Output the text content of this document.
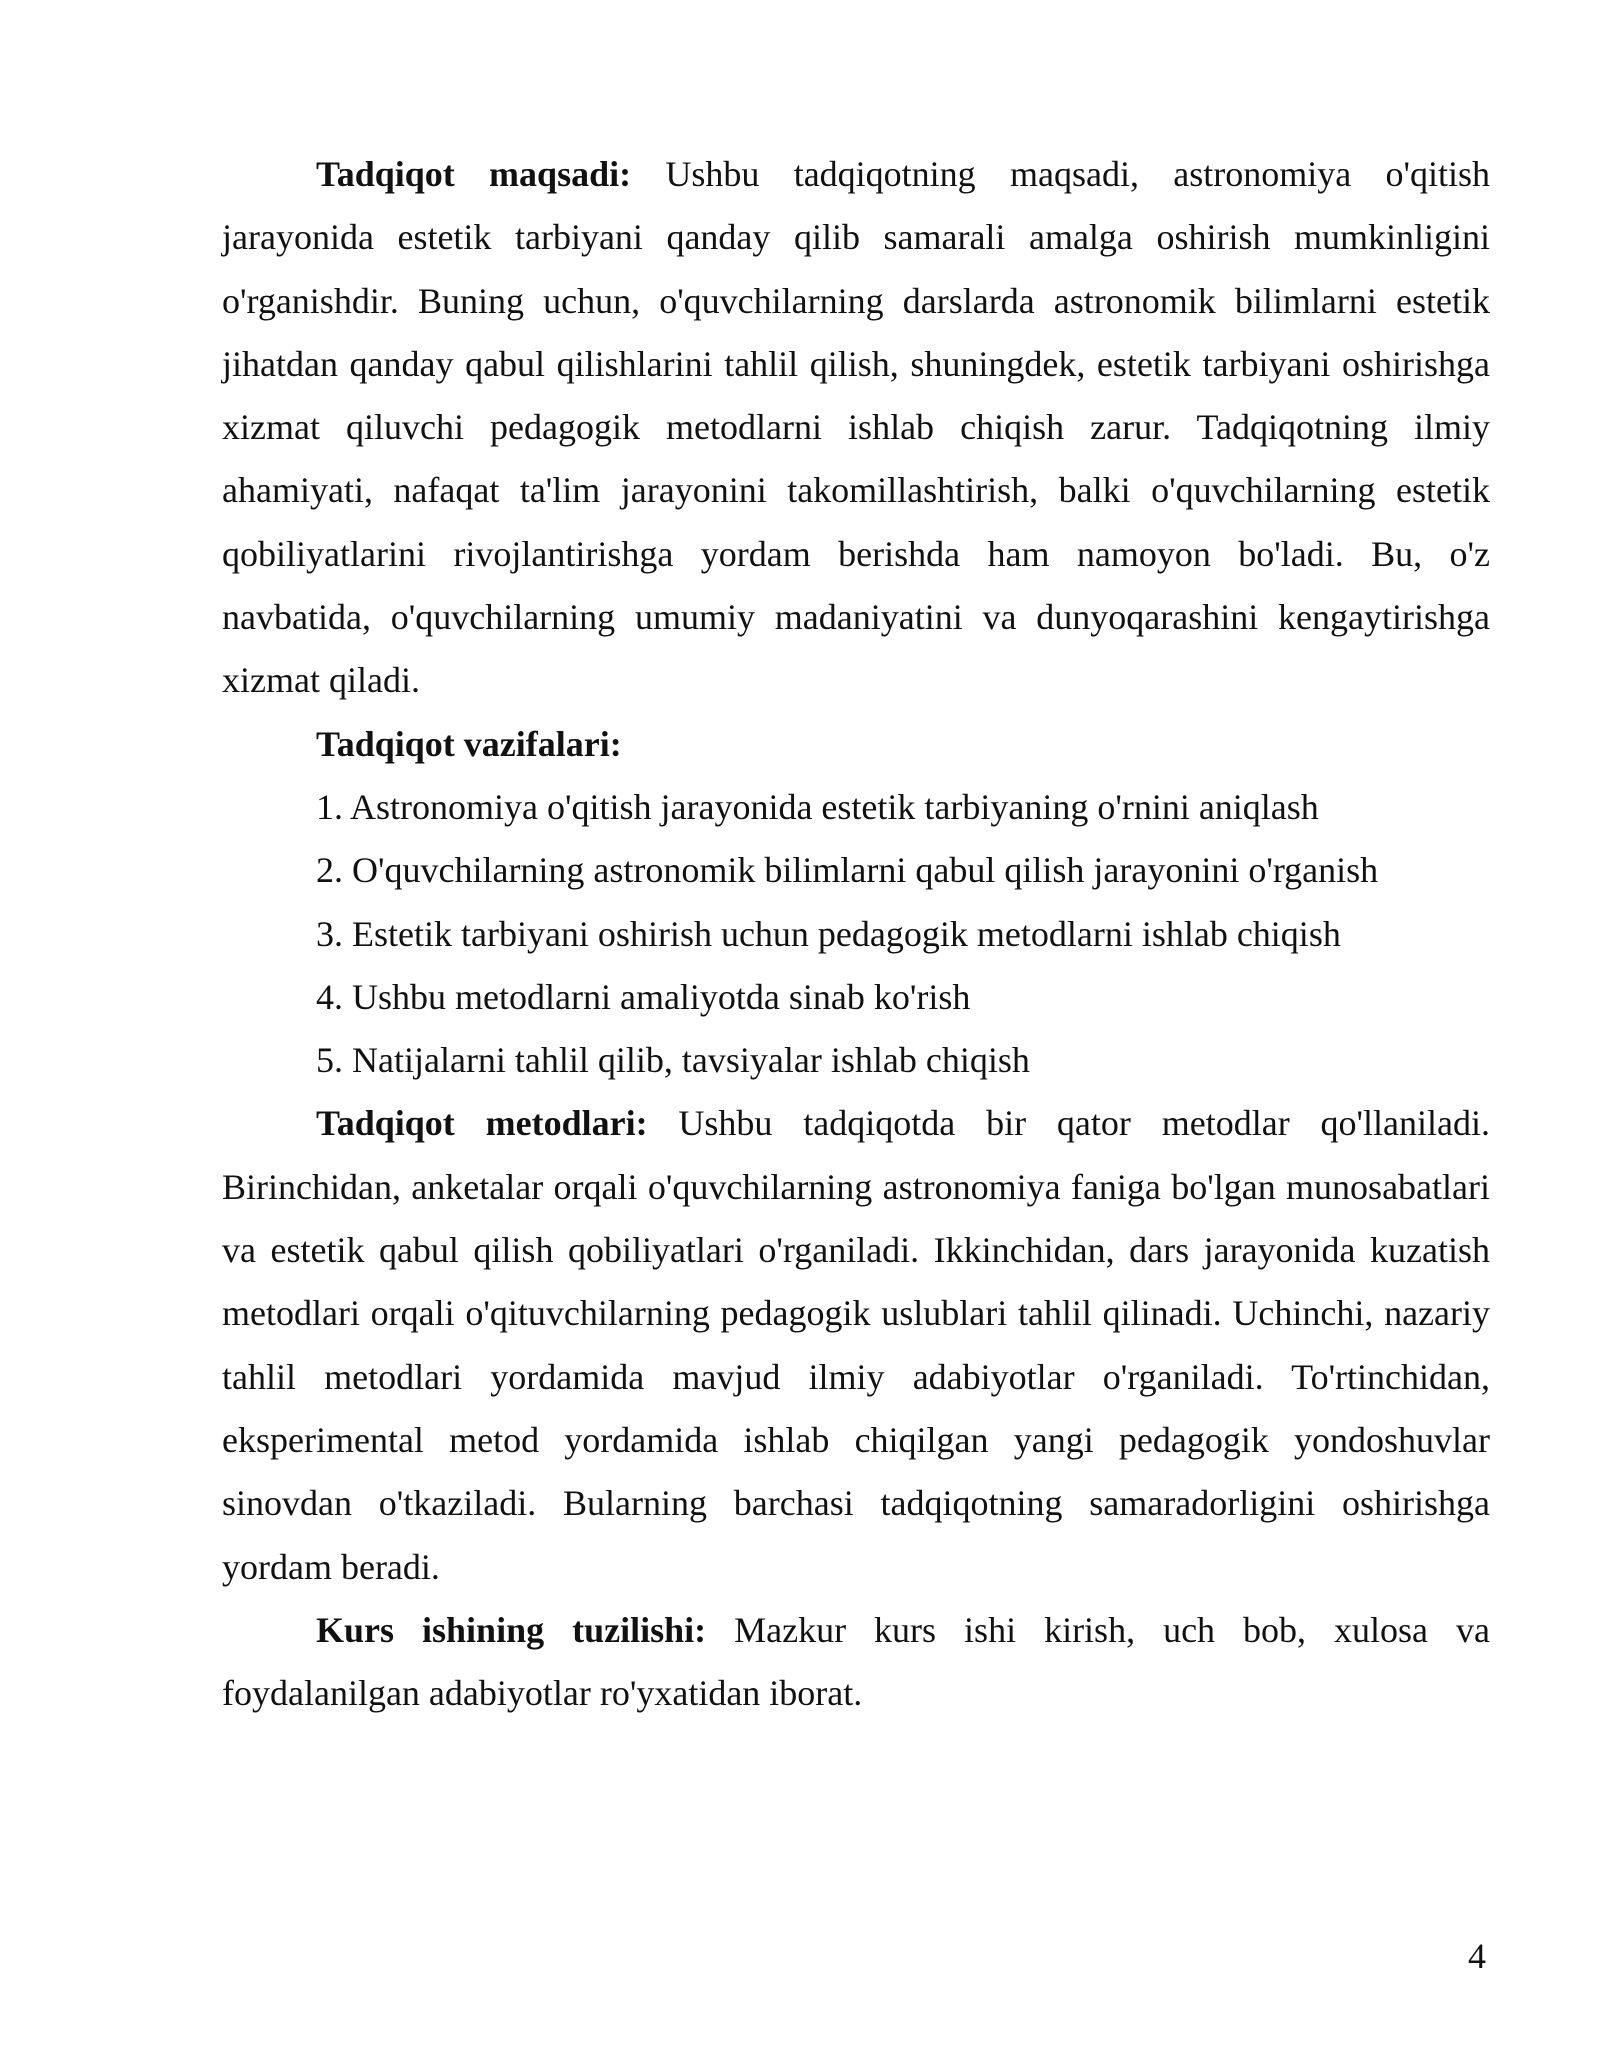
Tadqiqot maqsadi: Ushbu tadqiqotning maqsadi, astronomiya o'qitish jarayonida estetik tarbiyani qanday qilib samarali amalga oshirish mumkinligini o'rganishdir. Buning uchun, o'quvchilarning darslarda astronomik bilimlarni estetik jihatdan qanday qabul qilishlarini tahlil qilish, shuningdek, estetik tarbiyani oshirishga xizmat qiluvchi pedagogik metodlarni ishlab chiqish zarur. Tadqiqotning ilmiy ahamiyati, nafaqat ta'lim jarayonini takomillashtirish, balki o'quvchilarning estetik qobiliyatlarini rivojlantirishga yordam berishda ham namoyon bo'ladi. Bu, o'z navbatida, o'quvchilarning umumiy madaniyatini va dunyoqarashini kengaytirishga xizmat qiladi.

Tadqiqot vazifalari:

1. Astronomiya o'qitish jarayonida estetik tarbiyaning o'rnini aniqlash

2. O'quvchilarning astronomik bilimlarni qabul qilish jarayonini o'rganish

3. Estetik tarbiyani oshirish uchun pedagogik metodlarni ishlab chiqish

4. Ushbu metodlarni amaliyotda sinab ko'rish

5. Natijalarni tahlil qilib, tavsiyalar ishlab chiqish

Tadqiqot metodlari: Ushbu tadqiqotda bir qator metodlar qo'llaniladi. Birinchidan, anketalar orqali o'quvchilarning astronomiya faniga bo'lgan munosabatlari va estetik qabul qilish qobiliyatlari o'rganiladi. Ikkinchidan, dars jarayonida kuzatish metodlari orqali o'qituvchilarning pedagogik uslublari tahlil qilinadi. Uchinchi, nazariy tahlil metodlari yordamida mavjud ilmiy adabiyotlar o'rganiladi. To'rtinchidan, eksperimental metod yordamida ishlab chiqilgan yangi pedagogik yondoshuvlar sinovdan o'tkaziladi. Bularning barchasi tadqiqotning samaradorligini oshirishga yordam beradi.

Kurs ishining tuzilishi: Mazkur kurs ishi kirish, uch bob, xulosa va foydalanilgan adabiyotlar ro'yxatidan iborat.

4
